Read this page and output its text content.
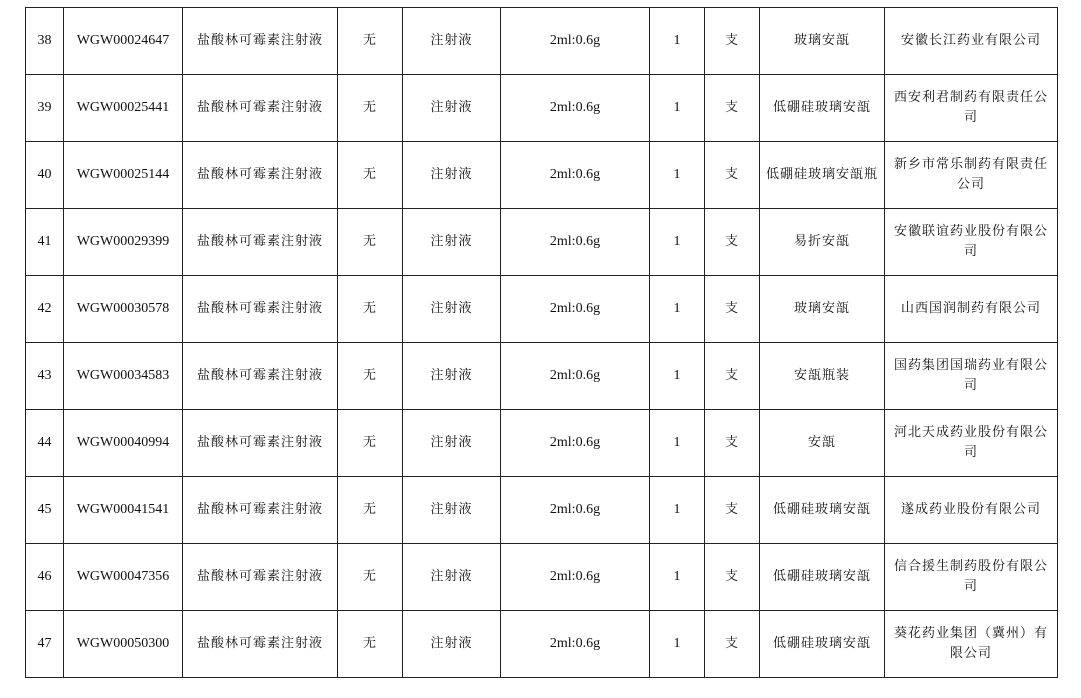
38	WGW00024647	盐酸林可霉素注射液	无	注射液	2ml:0.6g	1	支	玻璃安瓿	安徽长江药业有限公司
39	WGW00025441	盐酸林可霉素注射液	无	注射液	2ml:0.6g	1	支	低硼硅玻璃安瓿	西安利君制药有限责任公司
40	WGW00025144	盐酸林可霉素注射液	无	注射液	2ml:0.6g	1	支	低硼硅玻璃安瓿瓶	新乡市常乐制药有限责任公司
41	WGW00029399	盐酸林可霉素注射液	无	注射液	2ml:0.6g	1	支	易折安瓿	安徽联谊药业股份有限公司
42	WGW00030578	盐酸林可霉素注射液	无	注射液	2ml:0.6g	1	支	玻璃安瓿	山西国润制药有限公司
43	WGW00034583	盐酸林可霉素注射液	无	注射液	2ml:0.6g	1	支	安瓿瓶装	国药集团国瑞药业有限公司
44	WGW00040994	盐酸林可霉素注射液	无	注射液	2ml:0.6g	1	支	安瓿	河北天成药业股份有限公司
45	WGW00041541	盐酸林可霉素注射液	无	注射液	2ml:0.6g	1	支	低硼硅玻璃安瓿	遂成药业股份有限公司
46	WGW00047356	盐酸林可霉素注射液	无	注射液	2ml:0.6g	1	支	低硼硅玻璃安瓿	信合援生制药股份有限公司
47	WGW00050300	盐酸林可霉素注射液	无	注射液	2ml:0.6g	1	支	低硼硅玻璃安瓿	葵花药业集团（冀州）有限公司
